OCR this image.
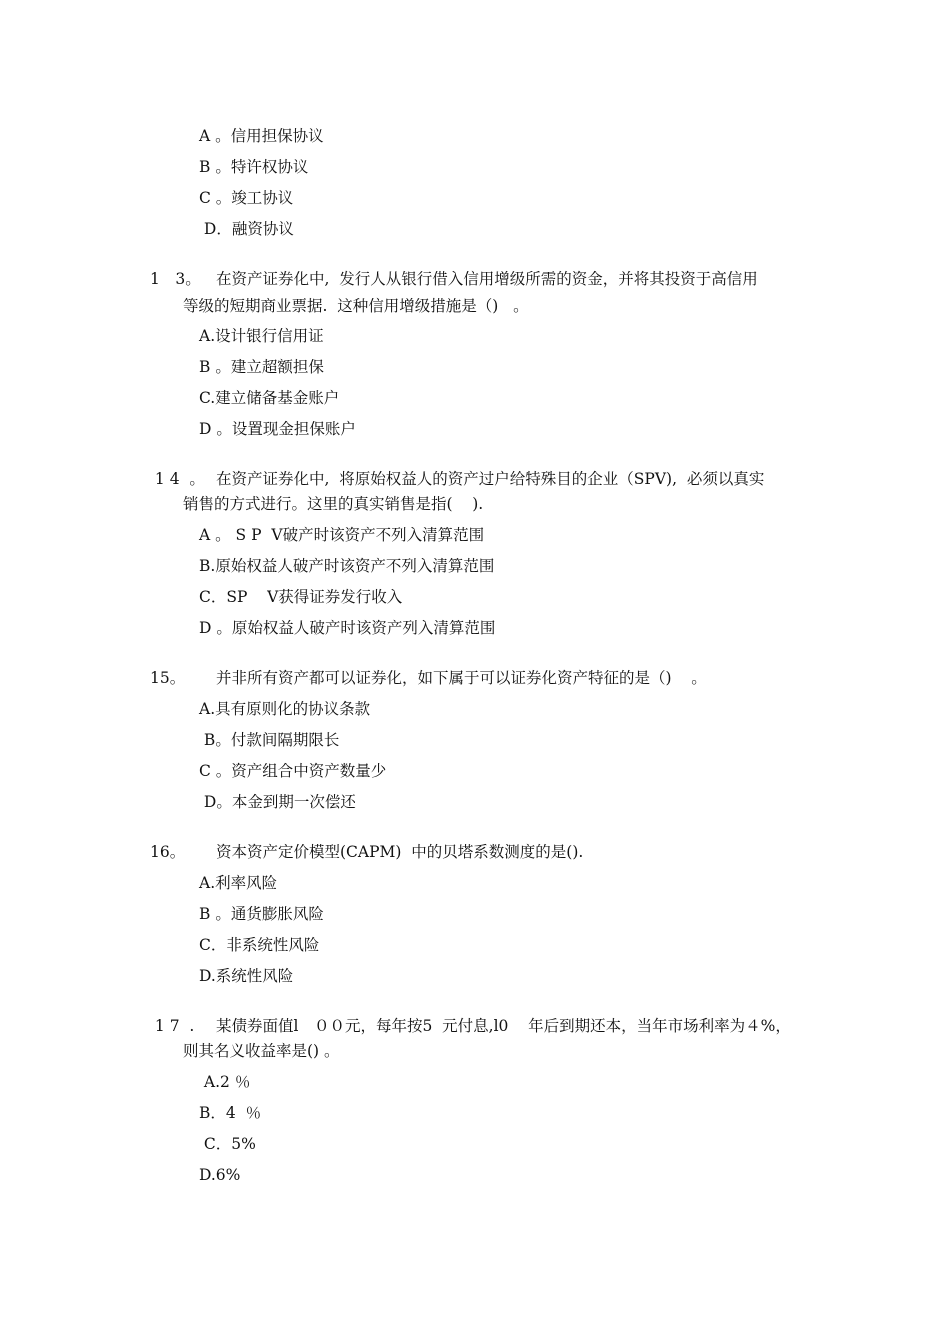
A 。信用担保协议
B 。特许权协议
C 。竣工协议
D．融资协议
1　3。 在资产证券化中,  发行人从银行借入信用增级所需的资金，并将其投资于高信用
等级的短期商业票据.  这种信用增级措施是（)   。
A.设计银行信用证
B 。建立超额担保
C.建立储备基金账户
D 。设置现金担保账户
1 4  。 在资产证券化中,  将原始权益人的资产过户给特殊目的企业（SPV),  必须以真实
销售的方式进行。这里的真实销售是指(    ).
A 。 S P  V破产时该资产不列入清算范围
B.原始权益人破产时该资产不列入清算范围
C．SP    V获得证券发行收入
D 。原始权益人破产时该资产列入清算范围
15。 并非所有资产都可以证券化，如下属于可以证券化资产特征的是（)    。
A.具有原则化的协议条款
B。付款间隔期限长
C 。资产组合中资产数量少
D。本金到期一次偿还
16。 资本资产定价模型(CAPM)  中的贝塔系数测度的是().
A.利率风险
B 。通货膨胀风险
C．非系统性风险
D.系统性风险
1 7  . 某债券面值l　００元，每年按5  元付息,l0    年后到期还本，当年市场利率为４%，
则其名义收益率是() 。
A.2 ％
B．4  ％
C．5%
D.6%
